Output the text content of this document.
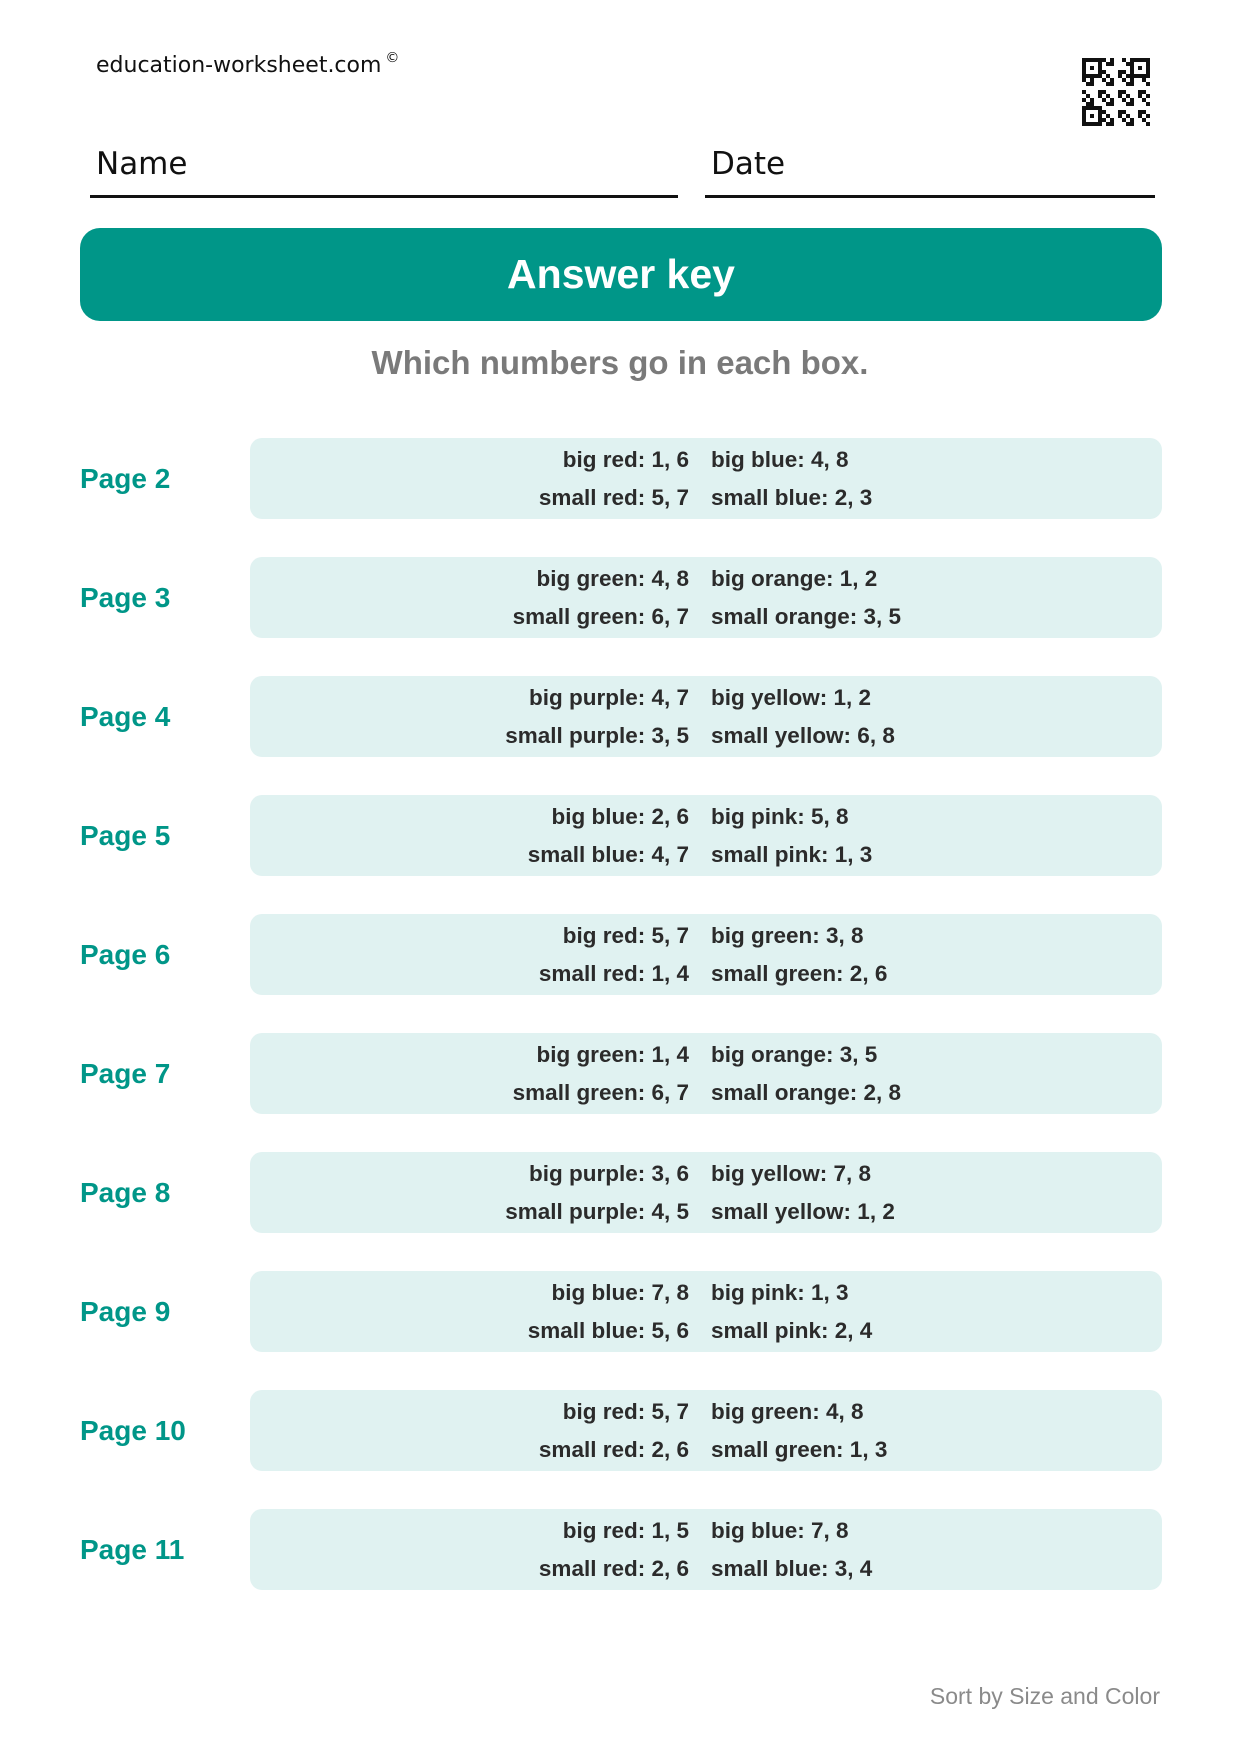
education-worksheet.com ©
Name	Date
Answer key
Which numbers go in each box.
Page 2
big red: 1, 6 big blue: 4, 8
small red: 5, 7 small blue: 2, 3
Page 3
big green: 4, 8 big orange: 1, 2
small green: 6, 7 small orange: 3, 5
Page 4
big purple: 4, 7 big yellow: 1, 2
small purple: 3, 5 small yellow: 6, 8
Page 5
big blue: 2, 6 big pink: 5, 8
small blue: 4, 7 small pink: 1, 3
Page 6
big red: 5, 7 big green: 3, 8
small red: 1, 4 small green: 2, 6
Page 7
big green: 1, 4 big orange: 3, 5
small green: 6, 7 small orange: 2, 8
Page 8
big purple: 3, 6 big yellow: 7, 8
small purple: 4, 5 small yellow: 1, 2
Page 9
big blue: 7, 8 big pink: 1, 3
small blue: 5, 6 small pink: 2, 4
Page 10
big red: 5, 7 big green: 4, 8
small red: 2, 6 small green: 1, 3
Page 11
big red: 1, 5 big blue: 7, 8
small red: 2, 6 small blue: 3, 4
Sort by Size and Color
